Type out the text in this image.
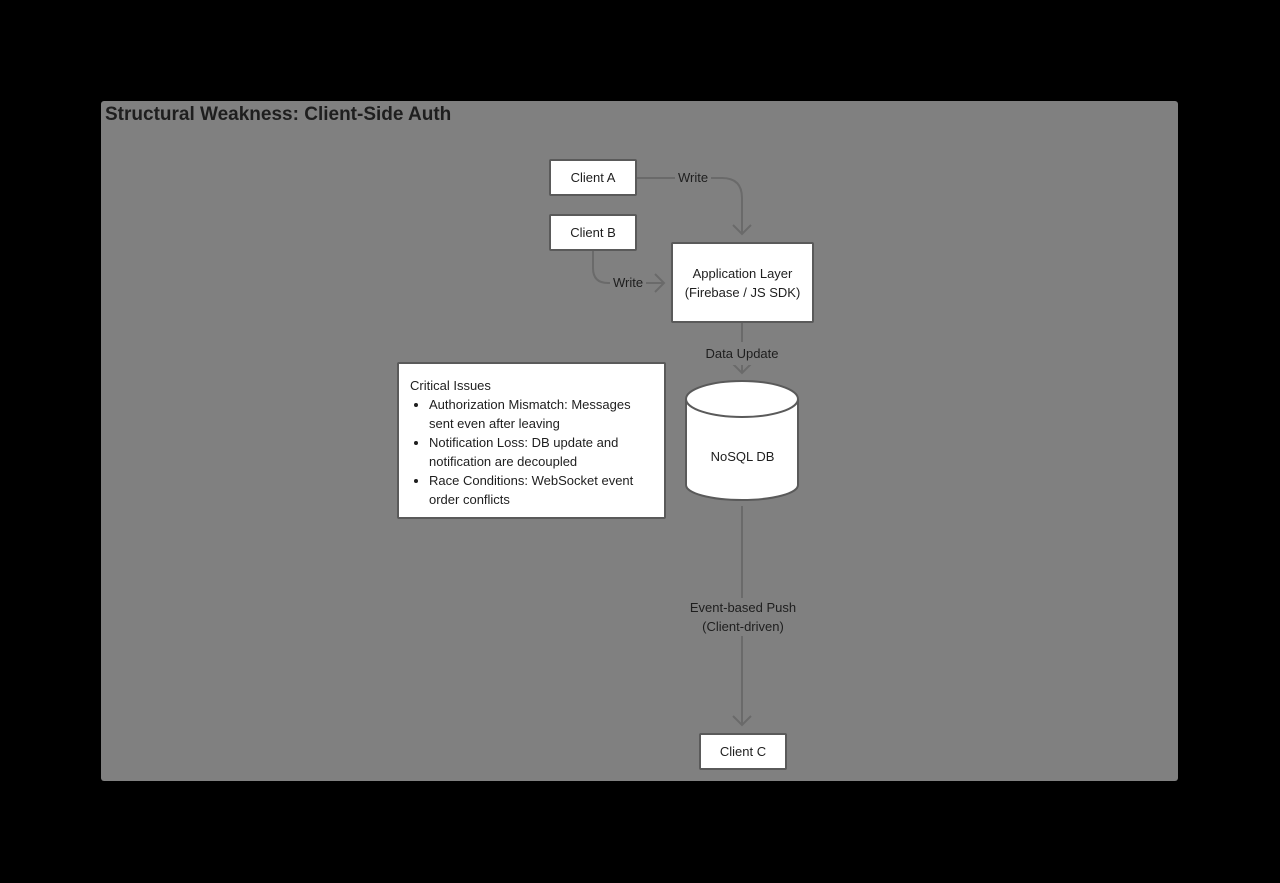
Structural Weakness: Client-Side Auth
Write
Write
Data Update
Event-based Push
(Client-driven)
Client A
Client B
Application Layer
(Firebase / JS SDK)
NoSQL DB
Client C
Critical Issues
• Authorization Mismatch: Messages sent even after leaving
• Notification Loss: DB update and notification are decoupled
• Race Conditions: WebSocket event order conflicts
